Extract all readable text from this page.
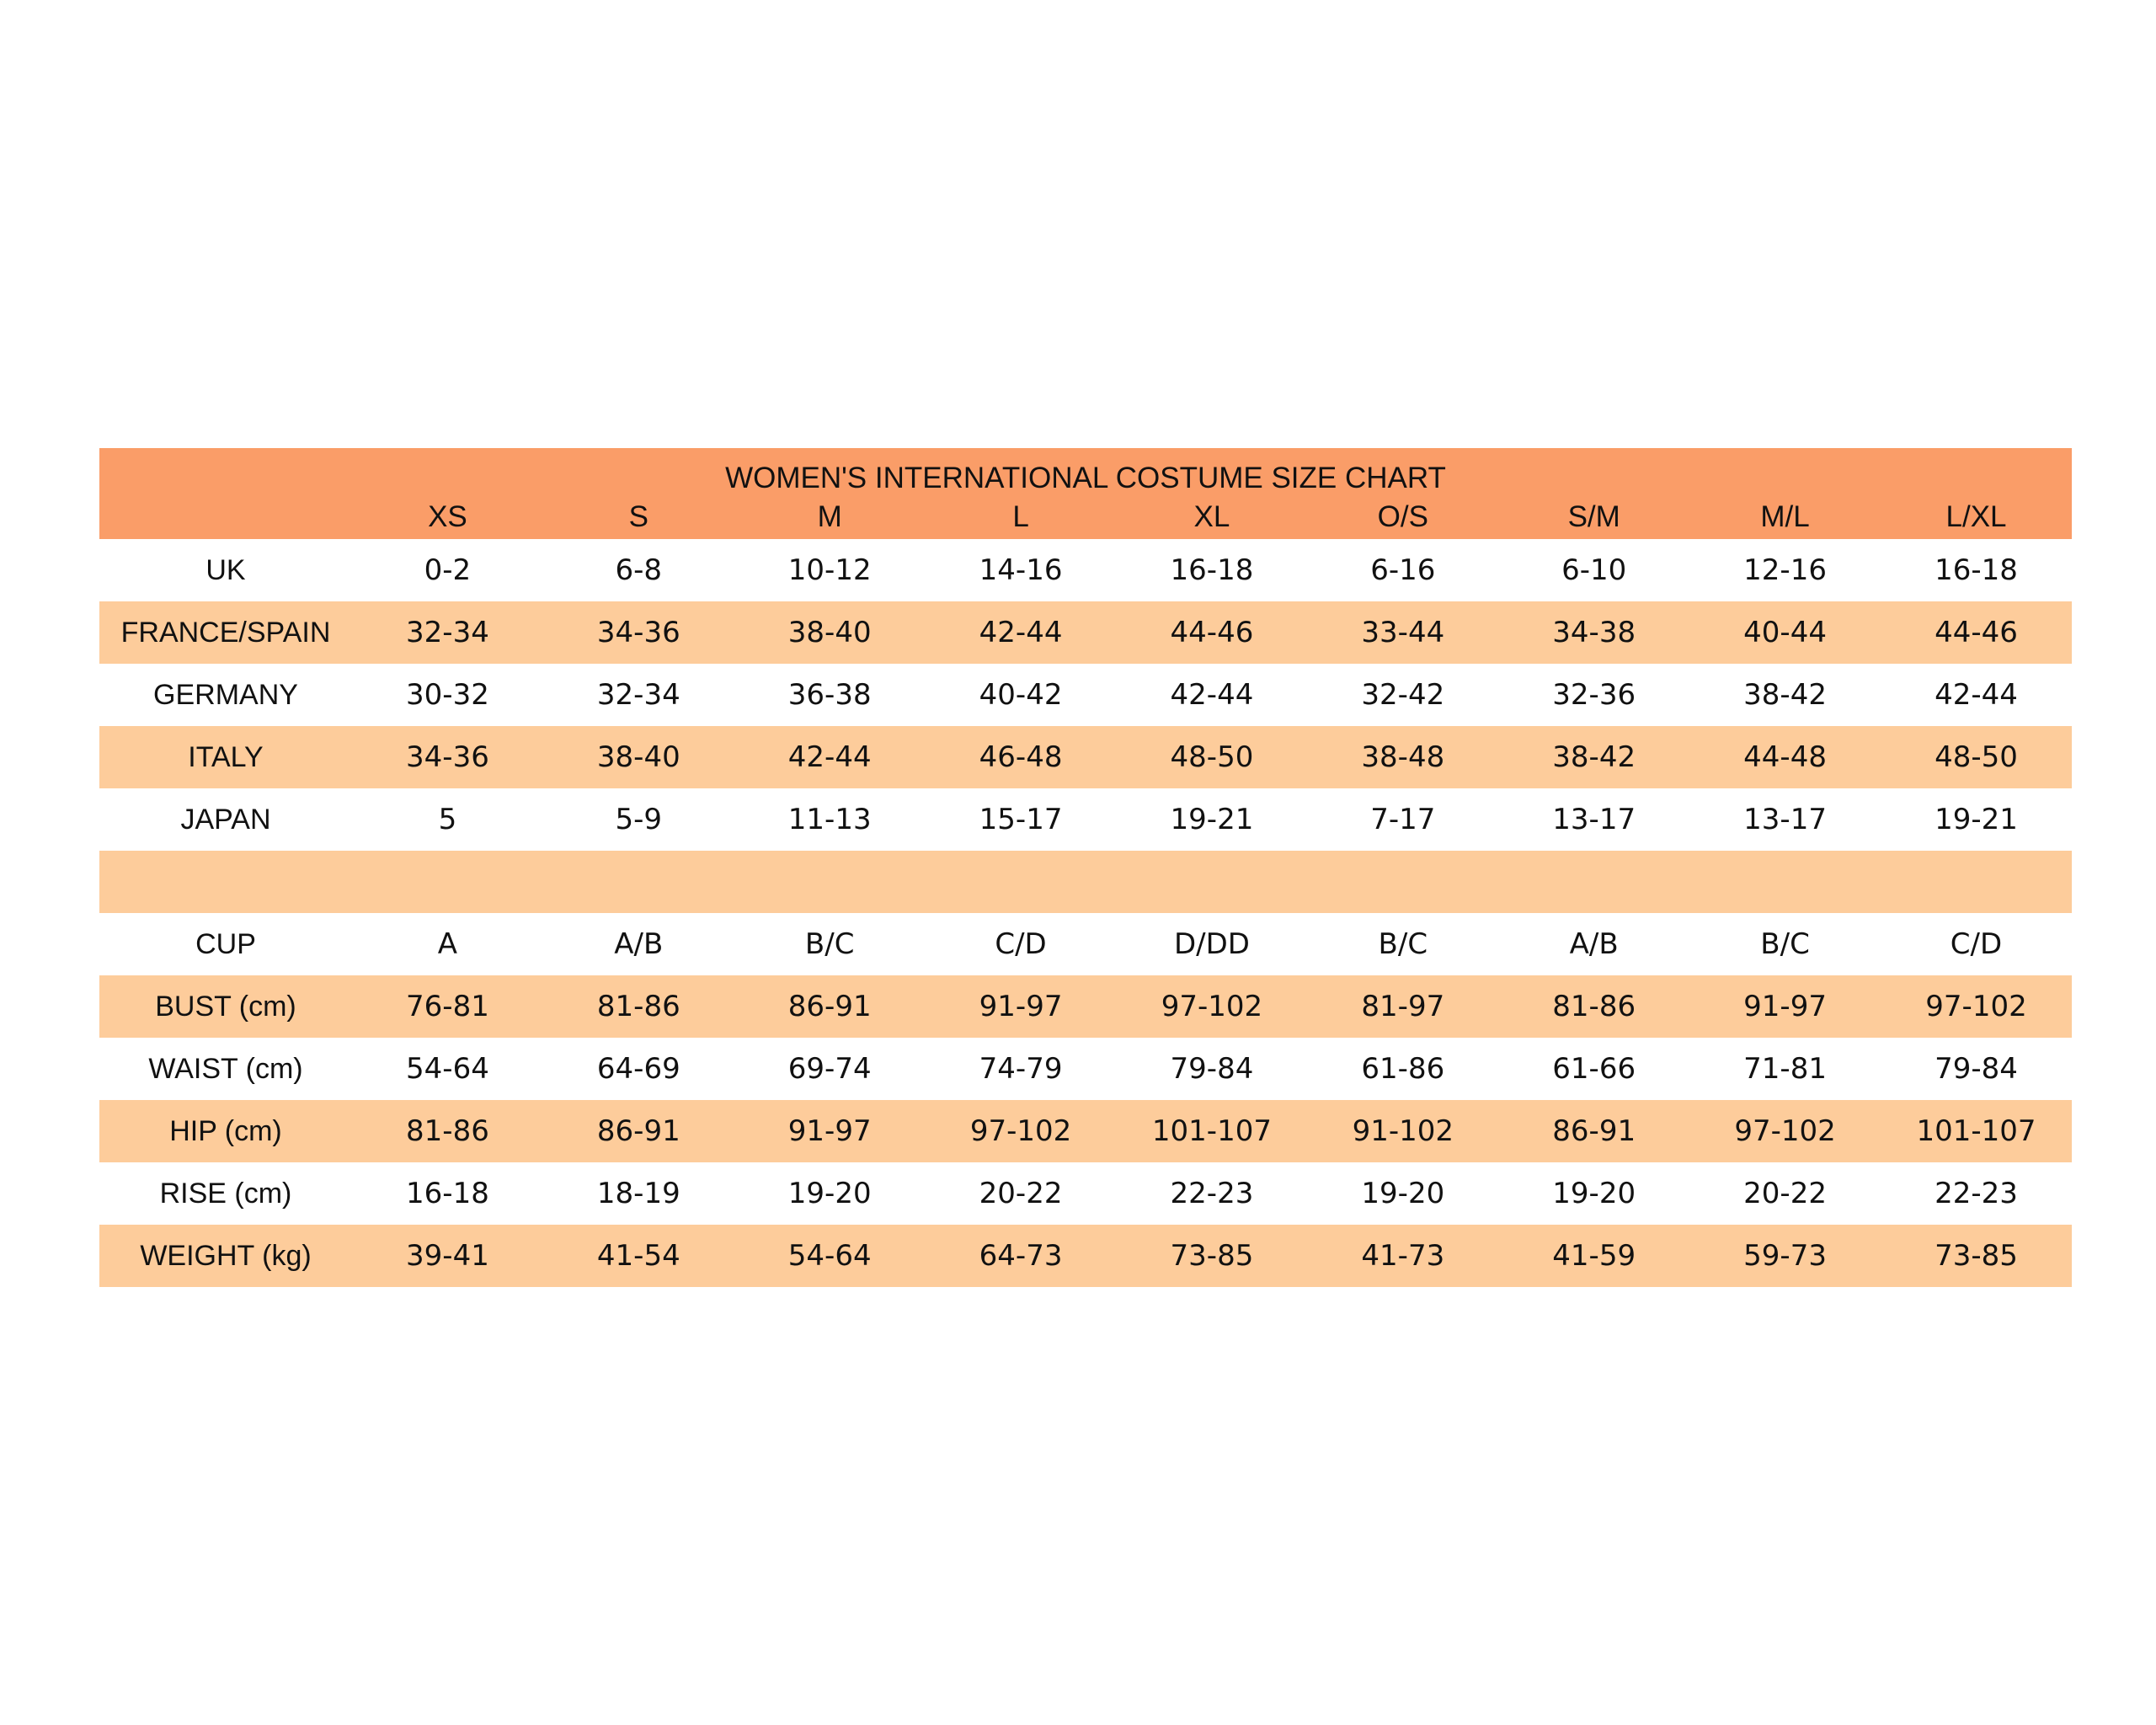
WOMEN'S INTERNATIONAL COSTUME SIZE CHART									
	XS	S	M	L	XL	O/S	S/M	M/L	L/XL
UK	0-2	6-8	10-12	14-16	16-18	6-16	6-10	12-16	16-18
FRANCE/SPAIN	32-34	34-36	38-40	42-44	44-46	33-44	34-38	40-44	44-46
GERMANY	30-32	32-34	36-38	40-42	42-44	32-42	32-36	38-42	42-44
ITALY	34-36	38-40	42-44	46-48	48-50	38-48	38-42	44-48	48-50
JAPAN	5	5-9	11-13	15-17	19-21	7-17	13-17	13-17	19-21

CUP	A	A/B	B/C	C/D	D/DD	B/C	A/B	B/C	C/D
BUST (cm)	76-81	81-86	86-91	91-97	97-102	81-97	81-86	91-97	97-102
WAIST (cm)	54-64	64-69	69-74	74-79	79-84	61-86	61-66	71-81	79-84
HIP (cm)	81-86	86-91	91-97	97-102	101-107	91-102	86-91	97-102	101-107
RISE (cm)	16-18	18-19	19-20	20-22	22-23	19-20	19-20	20-22	22-23
WEIGHT (kg)	39-41	41-54	54-64	64-73	73-85	41-73	41-59	59-73	73-85
